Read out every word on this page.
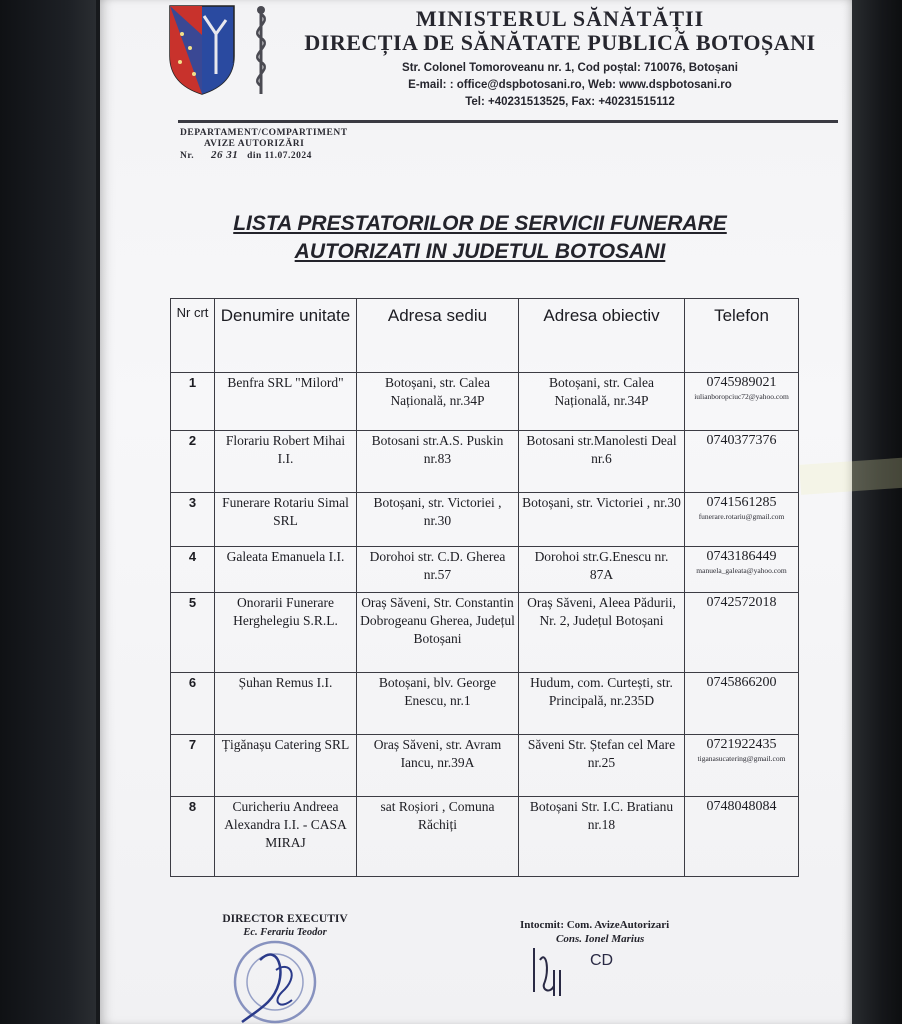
MINISTERUL SĂNĂTĂȚII
DIRECȚIA DE SĂNĂTATE PUBLICĂ BOTOȘANI
Str. Colonel Tomoroveanu nr. 1, Cod poștal: 710076, Botoșani
E-mail: : office@dspbotosani.ro, Web: www.dspbotosani.ro
Tel: +40231513525, Fax: +40231515112
DEPARTAMENT/COMPARTIMENT
AVIZE AUTORIZĂRI
Nr. 26 31 din 11.07.2024
LISTA PRESTATORILOR DE SERVICII FUNERARE
AUTORIZATI IN JUDETUL BOTOSANI
Nr crt	Denumire unitate	Adresa sediu	Adresa obiectiv	Telefon
1	Benfra SRL "Milord"	Botoșani, str. Calea Națională, nr.34P	Botoșani, str. Calea Națională, nr.34P	0745989021
iulianboropciuc72@yahoo.com

2	Florariu Robert Mihai I.I.	Botosani str.A.S. Puskin nr.83	Botosani str.Manolesti Deal nr.6	0740377376

3	Funerare Rotariu Simal SRL	Botoșani, str. Victoriei , nr.30	Botoșani, str. Victoriei , nr.30	0741561285
funerare.rotariu@gmail.com

4	Galeata Emanuela I.I.	Dorohoi str. C.D. Gherea nr.57	Dorohoi str.G.Enescu nr. 87A	0743186449
manuela_galeata@yahoo.com

5	Onorarii Funerare Herghelegiu S.R.L.	Oraș Săveni, Str. Constantin Dobrogeanu Gherea, Județul Botoșani	Oraș Săveni, Aleea Pădurii, Nr. 2, Județul Botoșani	0742572018

6	Șuhan Remus I.I.	Botoșani, blv. George Enescu, nr.1	Hudum, com. Curtești, str. Principală, nr.235D	0745866200

7	Țigănașu Catering SRL	Oraș Săveni, str. Avram Iancu, nr.39A	Săveni Str. Ștefan cel Mare nr.25	0721922435
tiganasucatering@gmail.com

8	Curicheriu Andreea Alexandra I.I. - CASA MIRAJ	sat Roșiori , Comuna Răchiți	Botoșani Str. I.C. Bratianu nr.18	0748048084
DIRECTOR EXECUTIV
Ec. Ferariu Teodor
Intocmit: Com. AvizeAutorizari
Cons. Ionel Marius
CD
